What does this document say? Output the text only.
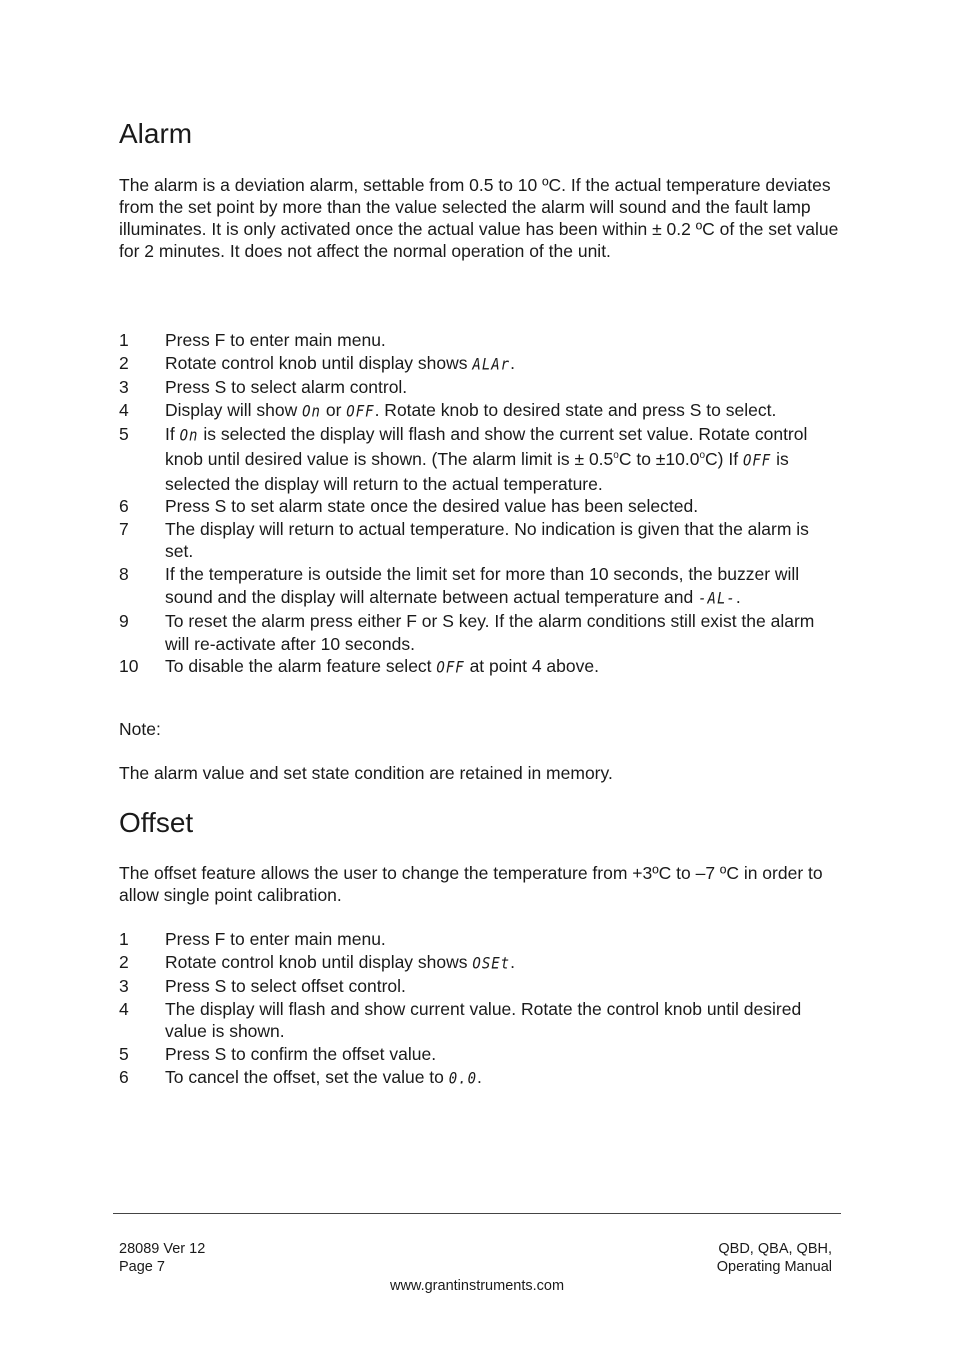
Alarm

The alarm is a deviation alarm, settable from 0.5 to 10 ºC. If the actual temperature deviates from the set point by more than the value selected the alarm will sound and the fault lamp illuminates. It is only activated once the actual value has been within ± 0.2 ºC of the set value for 2 minutes. It does not affect the normal operation of the unit.

1 Press F to enter main menu.
2 Rotate control knob until display shows ALAr.
3 Press S to select alarm control.
4 Display will show On or OFF. Rotate knob to desired state and press S to select.
5 If On is selected the display will flash and show the current set value. Rotate control knob until desired value is shown. (The alarm limit is ± $0.5^oC$ to $\pm 10.0^oC$) If OFF is selected the display will return to the actual temperature.
6 Press S to set alarm state once the desired value has been selected.
7 The display will return to actual temperature. No indication is given that the alarm is set.
8 If the temperature is outside the limit set for more than 10 seconds, the buzzer will sound and the display will alternate between actual temperature and -AL-.
9 To reset the alarm press either F or S key. If the alarm conditions still exist the alarm will re-activate after 10 seconds.
10 To disable the alarm feature select OFF at point 4 above.

Note:

The alarm value and set state condition are retained in memory.

Offset

The offset feature allows the user to change the temperature from +3ºC to –7 ºC in order to allow single point calibration.

1 Press F to enter main menu.
2 Rotate control knob until display shows OSEt.
3 Press S to select offset control.
4 The display will flash and show current value. Rotate the control knob until desired value is shown.
5 Press S to confirm the offset value.
6 To cancel the offset, set the value to 0.0.

28089 Ver 12

Page 7

QBD, QBA, QBH,

Operating Manual

www.grantinstruments.com
